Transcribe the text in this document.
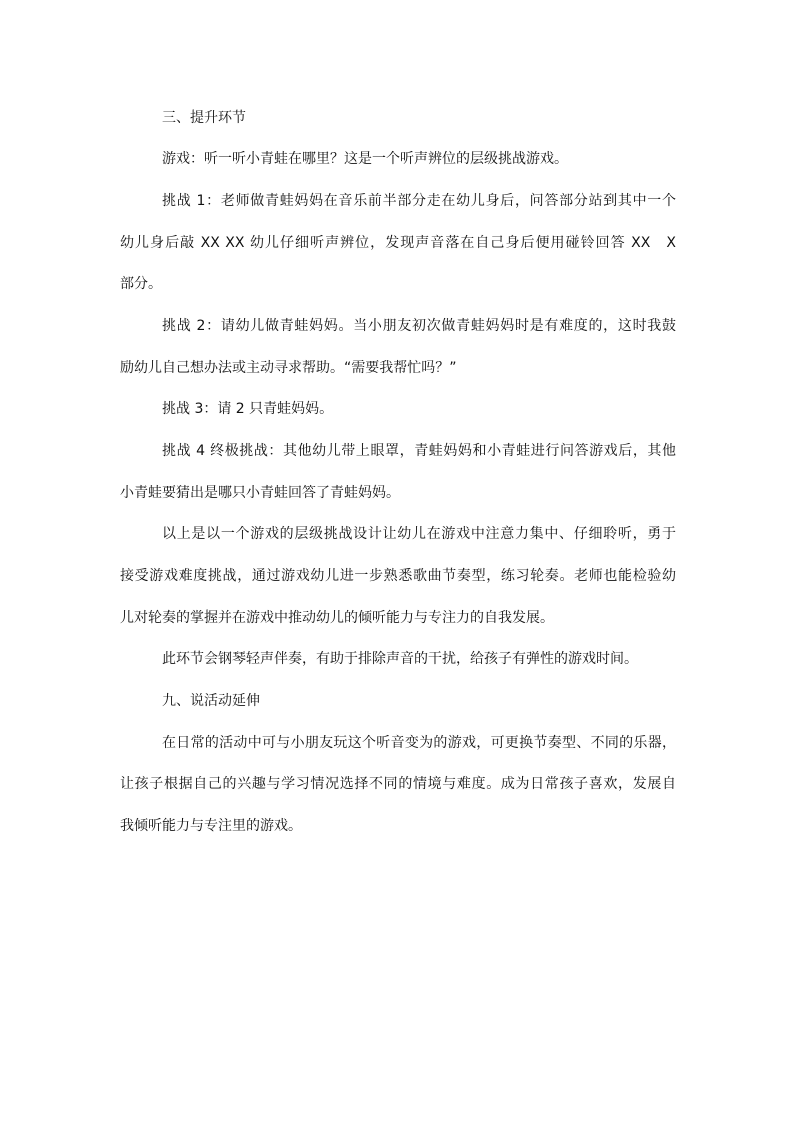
三、提升环节
游戏：听一听小青蛙在哪里？这是一个听声辨位的层级挑战游戏。
挑战 1：老师做青蛙妈妈在音乐前半部分走在幼儿身后，问答部分站到其中一个
幼儿身后敲 XX XX 幼儿仔细听声辨位，发现声音落在自己身后便用碰铃回答 XX　X
部分。
挑战 2：请幼儿做青蛙妈妈。当小朋友初次做青蛙妈妈时是有难度的，这时我鼓
励幼儿自己想办法或主动寻求帮助。“需要我帮忙吗？”
挑战 3：请 2 只青蛙妈妈。
挑战 4 终极挑战：其他幼儿带上眼罩，青蛙妈妈和小青蛙进行问答游戏后，其他
小青蛙要猜出是哪只小青蛙回答了青蛙妈妈。
以上是以一个游戏的层级挑战设计让幼儿在游戏中注意力集中、仔细聆听，勇于
接受游戏难度挑战，通过游戏幼儿进一步熟悉歌曲节奏型，练习轮奏。老师也能检验幼
儿对轮奏的掌握并在游戏中推动幼儿的倾听能力与专注力的自我发展。
此环节会钢琴轻声伴奏，有助于排除声音的干扰，给孩子有弹性的游戏时间。
九、说活动延伸
在日常的活动中可与小朋友玩这个听音变为的游戏，可更换节奏型、不同的乐器，
让孩子根据自己的兴趣与学习情况选择不同的情境与难度。成为日常孩子喜欢，发展自
我倾听能力与专注里的游戏。
